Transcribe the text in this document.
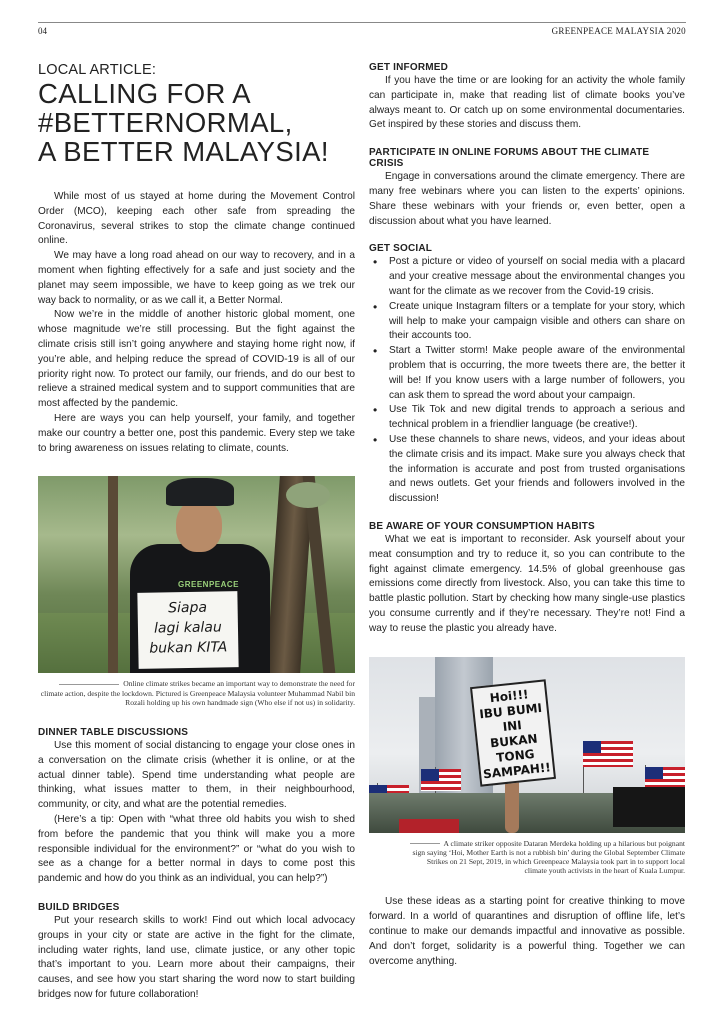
04	GREENPEACE MALAYSIA 2020
LOCAL ARTICLE:
CALLING FOR A
#BETTERNORMAL,
A BETTER MALAYSIA!

While most of us stayed at home during the Movement Control Order (MCO), keeping each other safe from spreading the Coronavirus, several strikes to stop the climate change continued online.

We may have a long road ahead on our way to recovery, and in a moment when fighting effectively for a safe and just society and the planet may seem impossible, we have to keep going as we trek our way back to normality, or as we call it, a Better Normal.

Now we’re in the middle of another historic global moment, one whose magnitude we’re still processing. But the fight against the climate crisis still isn’t going anywhere and staying home right now, if you’re able, and helping reduce the spread of COVID-19 is all of our priority right now. To protect our family, our friends, and do our best to relieve a strained medical system and to support communities that are most affected by the pandemic.

Here are ways you can help yourself, your family, and together make our country a better one, post this pandemic. Every step we take to bring awareness on issues relating to climate, counts.

GREENPEACE
Siapa
lagi kalau
bukan KITA
Online climate strikes became an important way to demonstrate the need for climate action, despite the lockdown. Pictured is Greenpeace Malaysia volunteer Muhammad Nabil bin Rozali holding up his own handmade sign (Who else if not us) in solidarity.
DINNER TABLE DISCUSSIONS

Use this moment of social distancing to engage your close ones in a conversation on the climate crisis (whether it is online, or at the actual dinner table). Spend time understanding what people are thinking, what issues matter to them, in their neighbourhood, community, or city, and what are the potential remedies.

(Here’s a tip: Open with “what three old habits you wish to shed from before the pandemic that you think will make you a more responsible individual for the environment?” or “what do you wish to see as a change for a better normal in days to come post this pandemic and how do you think as an individual, you can help?”)

BUILD BRIDGES

Put your research skills to work! Find out which local advocacy groups in your city or state are active in the fight for the climate, including water rights, land use, climate justice, or any other topic that’s important to you. Learn more about their campaigns, their causes, and see how you start sharing the word now to start building bridges now for future collaboration!

GET INFORMED

If you have the time or are looking for an activity the whole family can participate in, make that reading list of climate books you’ve always meant to. Or catch up on some environmental documentaries. Get inspired by these stories and discuss them.

PARTICIPATE IN ONLINE FORUMS ABOUT THE CLIMATE CRISIS

Engage in conversations around the climate emergency. There are many free webinars where you can listen to the experts’ opinions. Share these webinars with your friends or, even better, open a discussion about what you have learned.

GET SOCIAL
• Post a picture or video of yourself on social media with a placard and your creative message about the environmental changes you want for the climate as we recover from the Covid-19 crisis.
• Create unique Instagram filters or a template for your story, which will help to make your campaign visible and others can share on their accounts too.
• Start a Twitter storm! Make people aware of the environmental problem that is occurring, the more tweets there are, the better it will be! If you know users with a large number of followers, you can ask them to spread the word about your campaign.
• Use Tik Tok and new digital trends to approach a serious and technical problem in a friendlier language (be creative!).
• Use these channels to share news, videos, and your ideas about the climate crisis and its impact. Make sure you always check that the information is accurate and post from trusted organisations and news outlets. Get your friends and followers involved in the discussion!
BE AWARE OF YOUR CONSUMPTION HABITS

What we eat is important to reconsider. Ask yourself about your meat consumption and try to reduce it, so you can contribute to the fight against climate emergency. 14.5% of global greenhouse gas emissions come directly from livestock. Also, you can take this time to battle plastic pollution. Start by checking how many single-use plastics you consume currently and if they’re necessary. They’re not! Find a way to reuse the plastic you already have.

Hoi!!!
IBU BUMI
INI BUKAN
TONG
SAMPAH!!
A climate striker opposite Dataran Merdeka holding up a hilarious but poignant sign saying ‘Hoi, Mother Earth is not a rubbish bin’ during the Global September Climate Strikes on 21 Sept, 2019, in which Greenpeace Malaysia took part in to support local climate youth activists in the heart of Kuala Lumpur.

Use these ideas as a starting point for creative thinking to move forward. In a world of quarantines and disruption of offline life, let’s continue to make our demands impactful and innovative as possible. And don’t forget, solidarity is a powerful thing. Together we can overcome anything.
